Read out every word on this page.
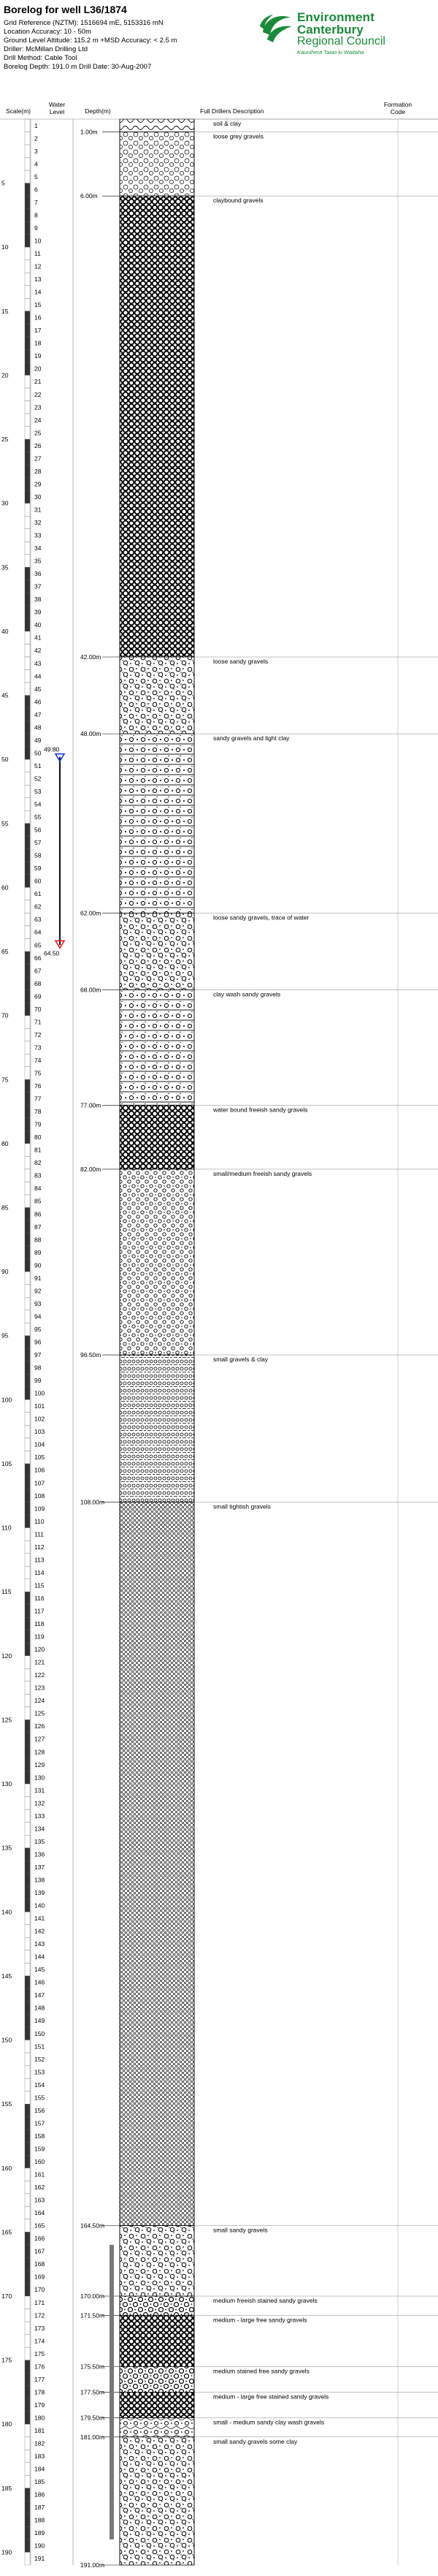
Borelog for well L36/1874
Grid Reference (NZTM): 1516694 mE, 5153316 mN
Location Accuracy: 10 - 50m
Ground Level Altitude: 115.2 m +MSD Accuracy: < 2.5 m
Driller: McMillan Drilling Ltd
Drill Method: Cable Tool
Borelog Depth: 191.0 m Drill Date: 30-Aug-2007
Environment
Canterbury
Regional Council
Kaunihera Taiao ki Waitaha
Scale(m)
Water Level	Depth(m)	Full Drillers Description
Formation Code
5
10
15
20
25
30
35
40
45
50
55
60
65
70
75
80
85
90
95
100
105
110
115
120
125
130
135
140
145
150
155
160
165
170
175
180
185
190
1
2
3
4
5
6
7
8
9
10
11
12
13
14
15
16
17
18
19
20
21
22
23
24
25
26
27
28
29
30
31
32
33
34
35
36
37
38
39
40
41
42
43
44
45
46
47
48
49
50
51
52
53
54
55
56
57
58
59
60
61
62
63
64
65
66
67
68
69
70
71
72
73
74
75
76
77
78
79
80
81
82
83
84
85
86
87
88
89
90
91
92
93
94
95
96
97
98
99
100
101
102
103
104
105
106
107
108
109
110
111
112
113
114
115
116
117
118
119
120
121
122
123
124
125
126
127
128
129
130
131
132
133
134
135
136
137
138
139
140
141
142
143
144
145
146
147
148
149
150
151
152
153
154
155
156
157
158
159
160
161
162
163
164
165
166
167
168
169
170
171
172
173
174
175
176
177
178
179
180
181
182
183
184
185
186
187
188
189
190
191
1.00m
soil & clay
loose grey gravels
6.00m
claybound gravels
42.00m
loose sandy gravels
48.00m
sandy gravels and light clay
62.00m
loose sandy gravels, trace of water
68.00m
clay wash sandy gravels
77.00m
water bound freeish sandy gravels
82.00m
small/medium freeish sandy gravels
96.50m
small gravels & clay
108.00m
small tightish gravels
164.50m
small sandy gravels
170.00m
medium freeish stained sandy gravels
171.50m
medium - large free sandy gravels
175.50m
medium stained free sandy gravels
177.50m
medium - large free stained sandy gravels
179.50m
small - medium sandy clay wash gravels
181.00m
small sandy gravels some clay
191.00m
49.80
64.50
